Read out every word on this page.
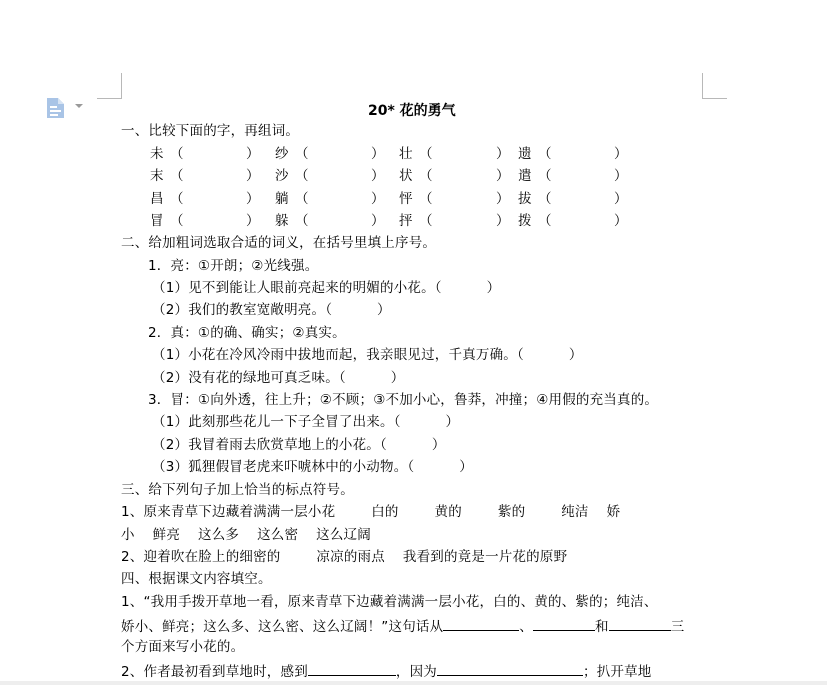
20* 花的勇气
一、比较下面的字，再组词。
未 （	） 纱 （	） 壮 （	） 遗 （	）
末 （	） 沙 （	） 状 （	） 遣 （	）
昌 （	） 躺 （	） 怦 （	） 拔 （	）
冒 （	） 躲 （	） 抨 （	） 拨 （	）
二、给加粗词选取合适的词义，在括号里填上序号。
1．亮：①开朗；②光线强。
（1）见不到能让人眼前亮起来的明媚的小花。（          ）
（2）我们的教室宽敞明亮。（          ）
2．真：①的确、确实；②真实。
（1）小花在冷风冷雨中拔地而起，我亲眼见过，千真万确。（          ）
（2）没有花的绿地可真乏味。（          ）
3．冒：①向外透，往上升；②不顾；③不加小心，鲁莽，冲撞；④用假的充当真的。
（1）此刻那些花儿一下子全冒了出来。（          ）
（2）我冒着雨去欣赏草地上的小花。（          ）
（3）狐狸假冒老虎来吓唬林中的小动物。（          ）
三、给下列句子加上恰当的标点符号。
1、原来青草下边藏着满满一层小花        白的        黄的        紫的        纯洁    娇
小    鲜亮    这么多    这么密    这么辽阔
2、迎着吹在脸上的细密的        凉凉的雨点    我看到的竟是一片花的原野
四、根据课文内容填空。
1、“我用手拨开草地一看，原来青草下边藏着满满一层小花，白的、黄的、紫的；纯洁、
娇小、鲜亮；这么多、这么密、这么辽阔！”这句话从	、	和	三
个方面来写小花的。
2、作者最初看到草地时，感到	，因为	；扒开草地
